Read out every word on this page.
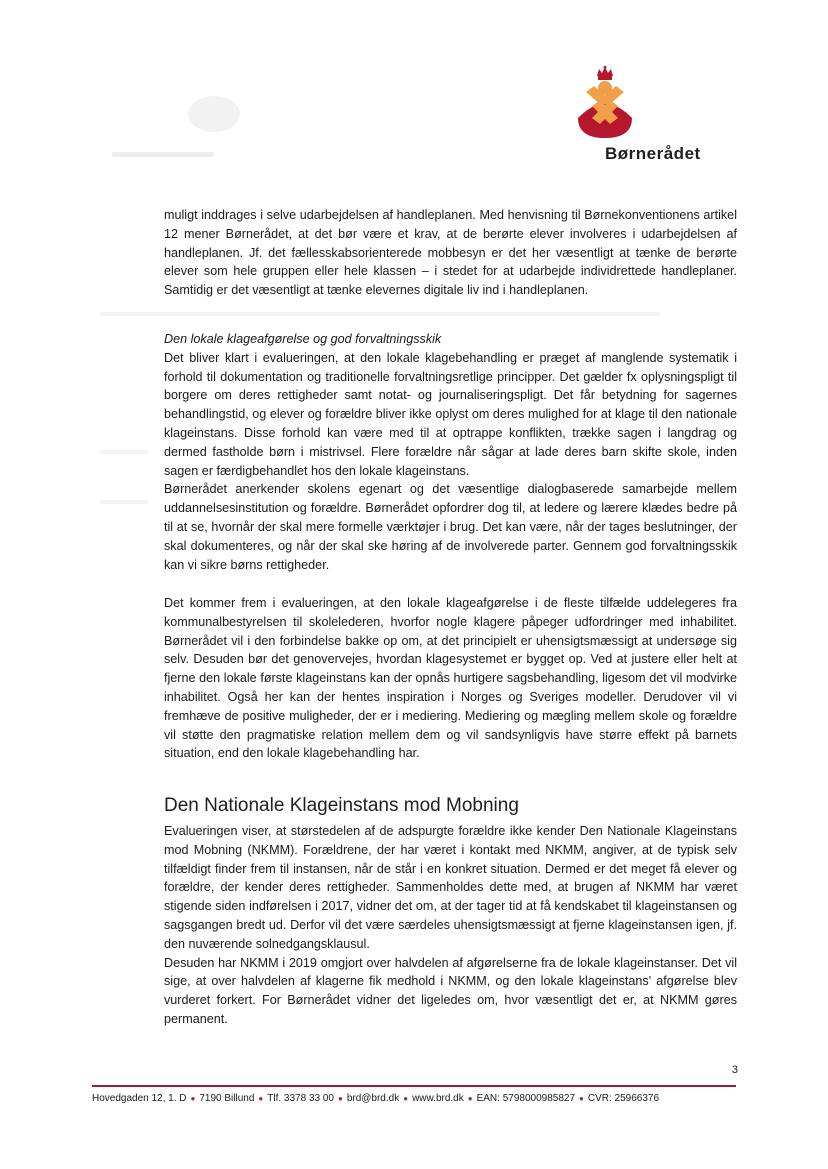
Børnerådet

muligt inddrages i selve udarbejdelsen af handleplanen. Med henvisning til Børnekonventionens artikel 12 mener Børnerådet, at det bør være et krav, at de berørte elever involveres i udarbejdelsen af handleplanen. Jf. det fællesskabsorienterede mobbesyn er det her væsentligt at tænke de berørte elever som hele gruppen eller hele klassen – i stedet for at udarbejde individrettede handleplaner. Samtidig er det væsentligt at tænke elevernes digitale liv ind i handleplanen.

Den lokale klageafgørelse og god forvaltningsskik

Det bliver klart i evalueringen, at den lokale klagebehandling er præget af manglende systematik i forhold til dokumentation og traditionelle forvaltningsretlige principper. Det gælder fx oplysningspligt til borgere om deres rettigheder samt notat- og journaliseringspligt. Det får betydning for sagernes behandlingstid, og elever og forældre bliver ikke oplyst om deres mulighed for at klage til den nationale klageinstans. Disse forhold kan være med til at optrappe konflikten, trække sagen i langdrag og dermed fastholde børn i mistrivsel. Flere forældre når sågar at lade deres barn skifte skole, inden sagen er færdigbehandlet hos den lokale klageinstans.

Børnerådet anerkender skolens egenart og det væsentlige dialogbaserede samarbejde mellem uddannelsesinstitution og forældre. Børnerådet opfordrer dog til, at ledere og lærere klædes bedre på til at se, hvornår der skal mere formelle værktøjer i brug. Det kan være, når der tages beslutninger, der skal dokumenteres, og når der skal ske høring af de involverede parter. Gennem god forvaltningsskik kan vi sikre børns rettigheder.

Det kommer frem i evalueringen, at den lokale klageafgørelse i de fleste tilfælde uddelegeres fra kommunalbestyrelsen til skolelederen, hvorfor nogle klagere påpeger udfordringer med inhabilitet. Børnerådet vil i den forbindelse bakke op om, at det principielt er uhensigtsmæssigt at undersøge sig selv. Desuden bør det genovervejes, hvordan klagesystemet er bygget op. Ved at justere eller helt at fjerne den lokale første klageinstans kan der opnås hurtigere sagsbehandling, ligesom det vil modvirke inhabilitet. Også her kan der hentes inspiration i Norges og Sveriges modeller. Derudover vil vi fremhæve de positive muligheder, der er i mediering. Mediering og mægling mellem skole og forældre vil støtte den pragmatiske relation mellem dem og vil sandsynligvis have større effekt på barnets situation, end den lokale klagebehandling har.

Den Nationale Klageinstans mod Mobning

Evalueringen viser, at størstedelen af de adspurgte forældre ikke kender Den Nationale Klageinstans mod Mobning (NKMM). Forældrene, der har været i kontakt med NKMM, angiver, at de typisk selv tilfældigt finder frem til instansen, når de står i en konkret situation. Dermed er det meget få elever og forældre, der kender deres rettigheder. Sammenholdes dette med, at brugen af NKMM har været stigende siden indførelsen i 2017, vidner det om, at der tager tid at få kendskabet til klageinstansen og sagsgangen bredt ud. Derfor vil det være særdeles uhensigtsmæssigt at fjerne klageinstansen igen, jf. den nuværende solnedgangsklausul.

Desuden har NKMM i 2019 omgjort over halvdelen af afgørelserne fra de lokale klageinstanser. Det vil sige, at over halvdelen af klagerne fik medhold i NKMM, og den lokale klageinstans' afgørelse blev vurderet forkert. For Børnerådet vidner det ligeledes om, hvor væsentligt det er, at NKMM gøres permanent.

3
Hovedgaden 12, 1. D ● 7190 Billund ● Tlf. 3378 33 00 ● brd@brd.dk ● www.brd.dk ● EAN: 5798000985827 ● CVR: 25966376
